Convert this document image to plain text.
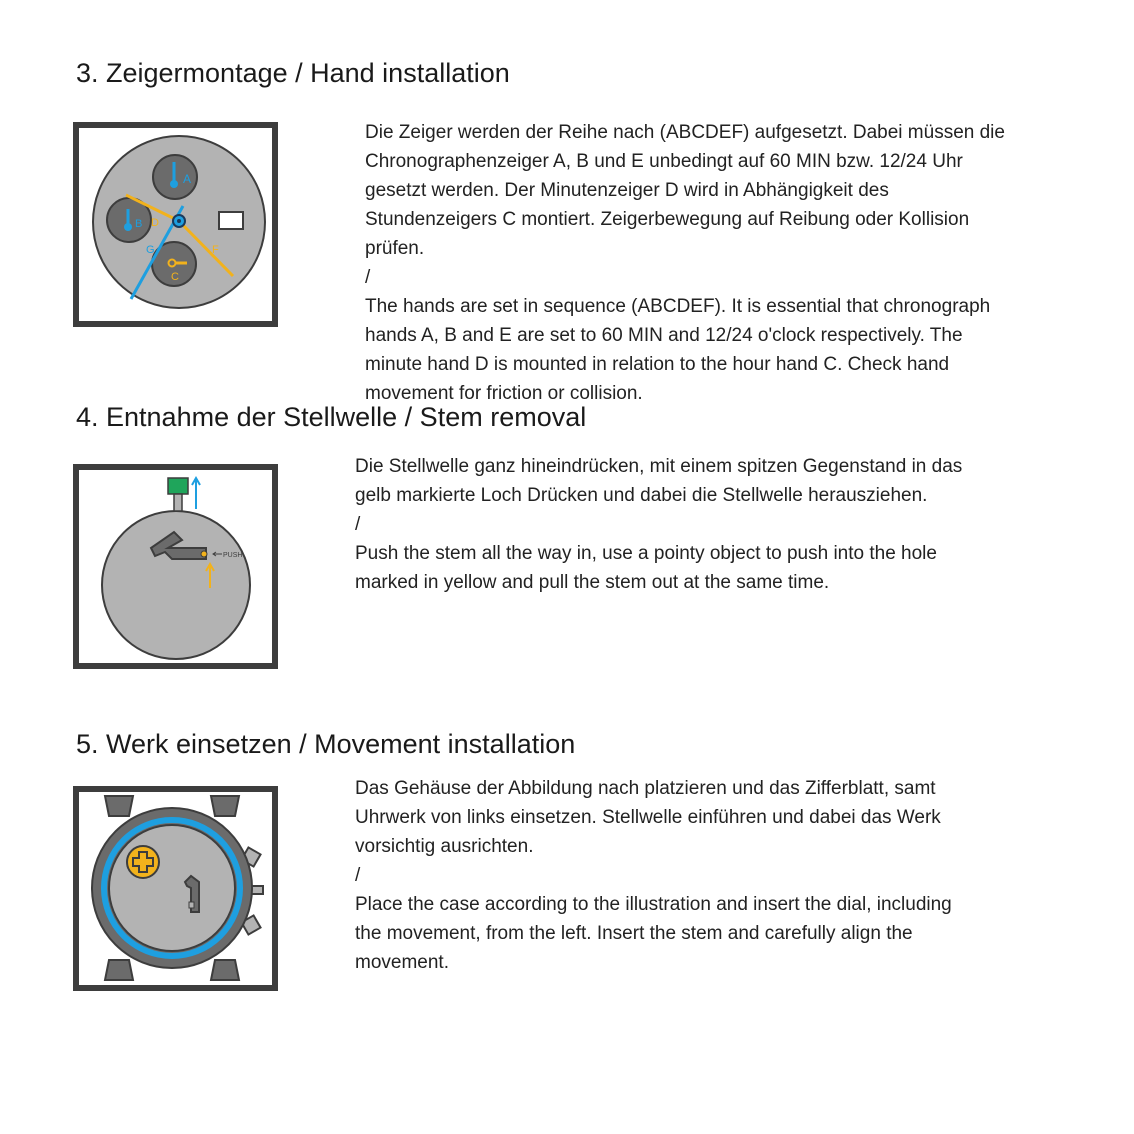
3. Zeigermontage / Hand installation
A
B D
G	F
C

Die Zeiger werden der Reihe nach (ABCDEF) aufgesetzt. Dabei müssen die

Chronographenzeiger A, B und E unbedingt auf 60 MIN bzw. 12/24 Uhr

gesetzt werden. Der Minutenzeiger D wird in Abhängigkeit des

Stundenzeigers C montiert. Zeigerbewegung auf Reibung oder Kollision

prüfen.

/

The hands are set in sequence (ABCDEF). It is essential that chronograph

hands A, B and E are set to 60 MIN and 12/24 o'clock respectively. The

minute hand D is mounted in relation to the hour hand C. Check hand

movement for friction or collision.

4. Entnahme der Stellwelle / Stem removal
PUSH

Die Stellwelle ganz hineindrücken, mit einem spitzen Gegenstand in das

gelb markierte Loch Drücken und dabei die Stellwelle herausziehen.

/

Push the stem all the way in, use a pointy object to push into the hole

marked in yellow and pull the stem out at the same time.

5. Werk einsetzen / Movement installation

Das Gehäuse der Abbildung nach platzieren und das Zifferblatt, samt

Uhrwerk von links einsetzen. Stellwelle einführen und dabei das Werk

vorsichtig ausrichten.

/

Place the case according to the illustration and insert the dial, including

the movement, from the left. Insert the stem and carefully align the

movement.
